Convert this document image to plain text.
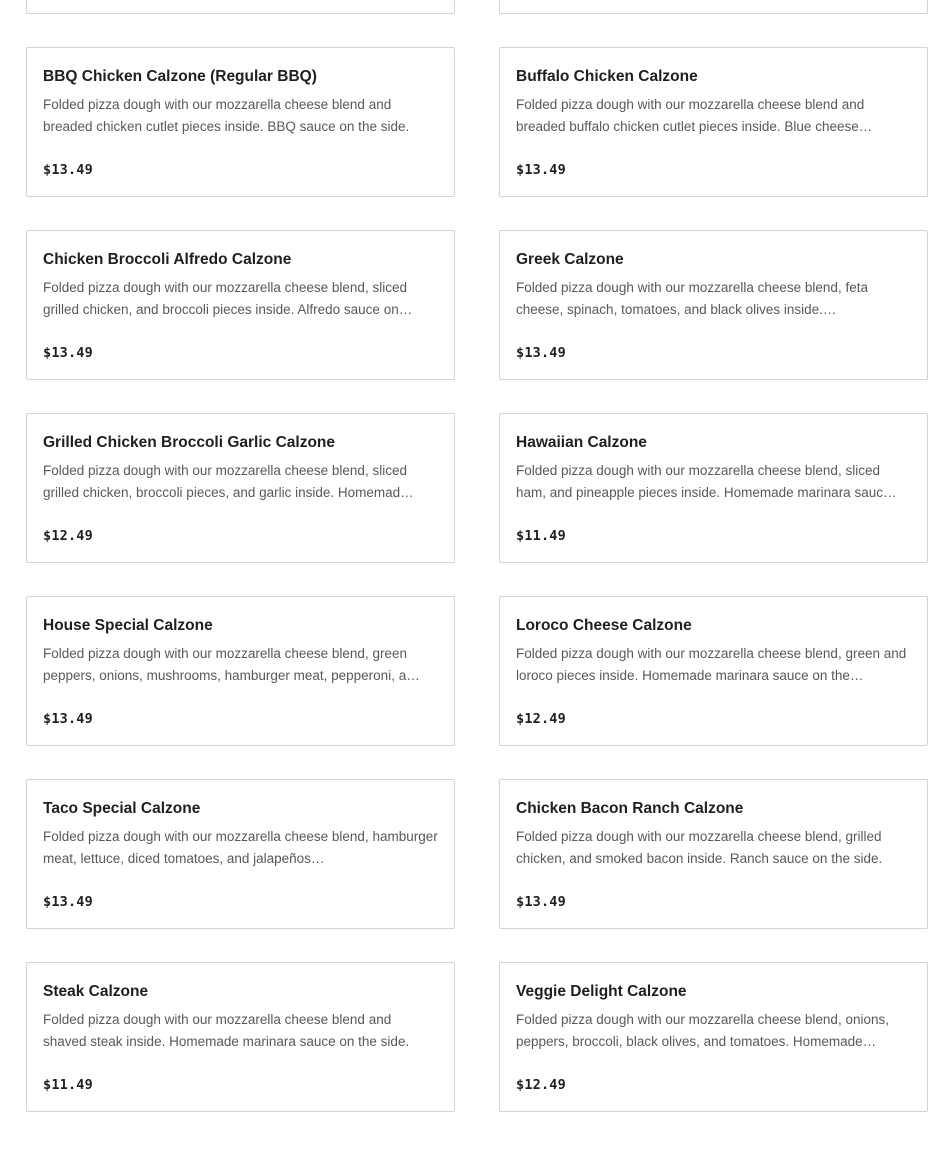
BBQ Chicken Calzone (Regular BBQ)
Folded pizza dough with our mozzarella cheese blend and breaded chicken cutlet pieces inside. BBQ sauce on the side.
$13.49
Buffalo Chicken Calzone
Folded pizza dough with our mozzarella cheese blend and breaded buffalo chicken cutlet pieces inside. Blue cheese…
$13.49
Chicken Broccoli Alfredo Calzone
Folded pizza dough with our mozzarella cheese blend, sliced grilled chicken, and broccoli pieces inside. Alfredo sauce on…
$13.49
Greek Calzone
Folded pizza dough with our mozzarella cheese blend, feta cheese, spinach, tomatoes, and black olives inside.…
$13.49
Grilled Chicken Broccoli Garlic Calzone
Folded pizza dough with our mozzarella cheese blend, sliced grilled chicken, broccoli pieces, and garlic inside. Homemad…
$12.49
Hawaiian Calzone
Folded pizza dough with our mozzarella cheese blend, sliced ham, and pineapple pieces inside. Homemade marinara sauc…
$11.49
House Special Calzone
Folded pizza dough with our mozzarella cheese blend, green peppers, onions, mushrooms, hamburger meat, pepperoni, a…
$13.49
Loroco Cheese Calzone
Folded pizza dough with our mozzarella cheese blend, green and loroco pieces inside. Homemade marinara sauce on the…
$12.49
Taco Special Calzone
Folded pizza dough with our mozzarella cheese blend, hamburger meat, lettuce, diced tomatoes, and jalapeños…
$13.49
Chicken Bacon Ranch Calzone
Folded pizza dough with our mozzarella cheese blend, grilled chicken, and smoked bacon inside. Ranch sauce on the side.
$13.49
Steak Calzone
Folded pizza dough with our mozzarella cheese blend and shaved steak inside. Homemade marinara sauce on the side.
$11.49
Veggie Delight Calzone
Folded pizza dough with our mozzarella cheese blend, onions, peppers, broccoli, black olives, and tomatoes. Homemade…
$12.49
